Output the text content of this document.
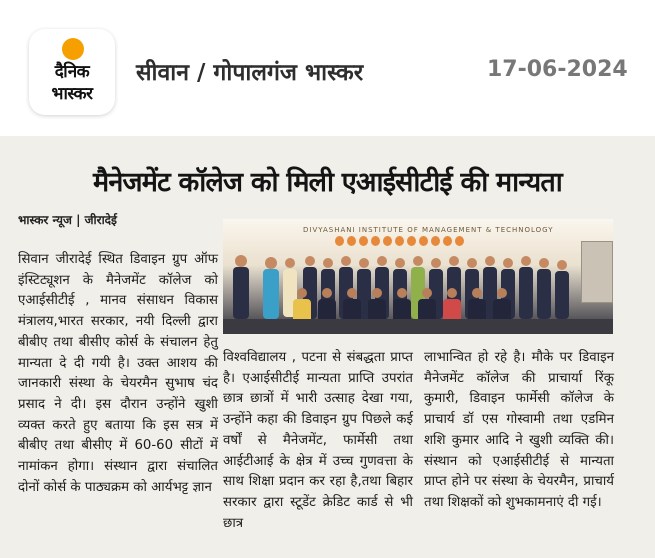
दैनिक
भास्कर
सीवान / गोपालगंज भास्कर	17-06-2024
मैनेजमेंट कॉलेज को मिली एआईसीटीई की मान्यता
भास्कर न्यूज | जीरादेई
सिवान जीरादेई स्थित डिवाइन ग्रुप ऑफ इंस्टिट्यूशन के मैनेजमेंट कॉलेज को एआईसीटीई , मानव संसाधन विकास मंत्रालय,भारत सरकार, नयी दिल्ली द्वारा बीबीए तथा बीसीए कोर्स के संचालन हेतु मान्यता दे दी गयी है। उक्त आशय की जानकारी संस्था के चेयरमैन सुभाष चंद प्रसाद ने दी। इस दौरान उन्होंने खुशी व्यक्त करते हुए बताया कि इस सत्र में बीबीए तथा बीसीए में 60-60 सीटों में नामांकन होगा। संस्थान द्वारा संचालित दोनों कोर्स के पाठ्यक्रम को आर्यभट्ट ज्ञान
DIVYASHANI INSTITUTE OF MANAGEMENT & TECHNOLOGY
विश्वविद्यालय , पटना से संबद्धता प्राप्त है। एआईसीटीई मान्यता प्राप्ति उपरांत छात्र छात्रों में भारी उत्साह देखा गया, उन्होंने कहा की डिवाइन ग्रुप पिछले कई वर्षों से मैनेजमेंट, फार्मेसी तथा आईटीआई के क्षेत्र में उच्च गुणवत्ता के साथ शिक्षा प्रदान कर रहा है,तथा बिहार सरकार द्वारा स्टूडेंट क्रेडिट कार्ड से भी छात्र
लाभान्वित हो रहे है। मौके पर डिवाइन मैनेजमेंट कॉलेज की प्राचार्या रिंकू कुमारी, डिवाइन फार्मेसी कॉलेज के प्राचार्य डॉ एस गोस्वामी तथा एडमिन शशि कुमार आदि ने खुशी व्यक्ति की। संस्थान को एआईसीटीई से मान्यता प्राप्त होने पर संस्था के चेयरमैन, प्राचार्य तथा शिक्षकों को शुभकामनाएं दी गई।
